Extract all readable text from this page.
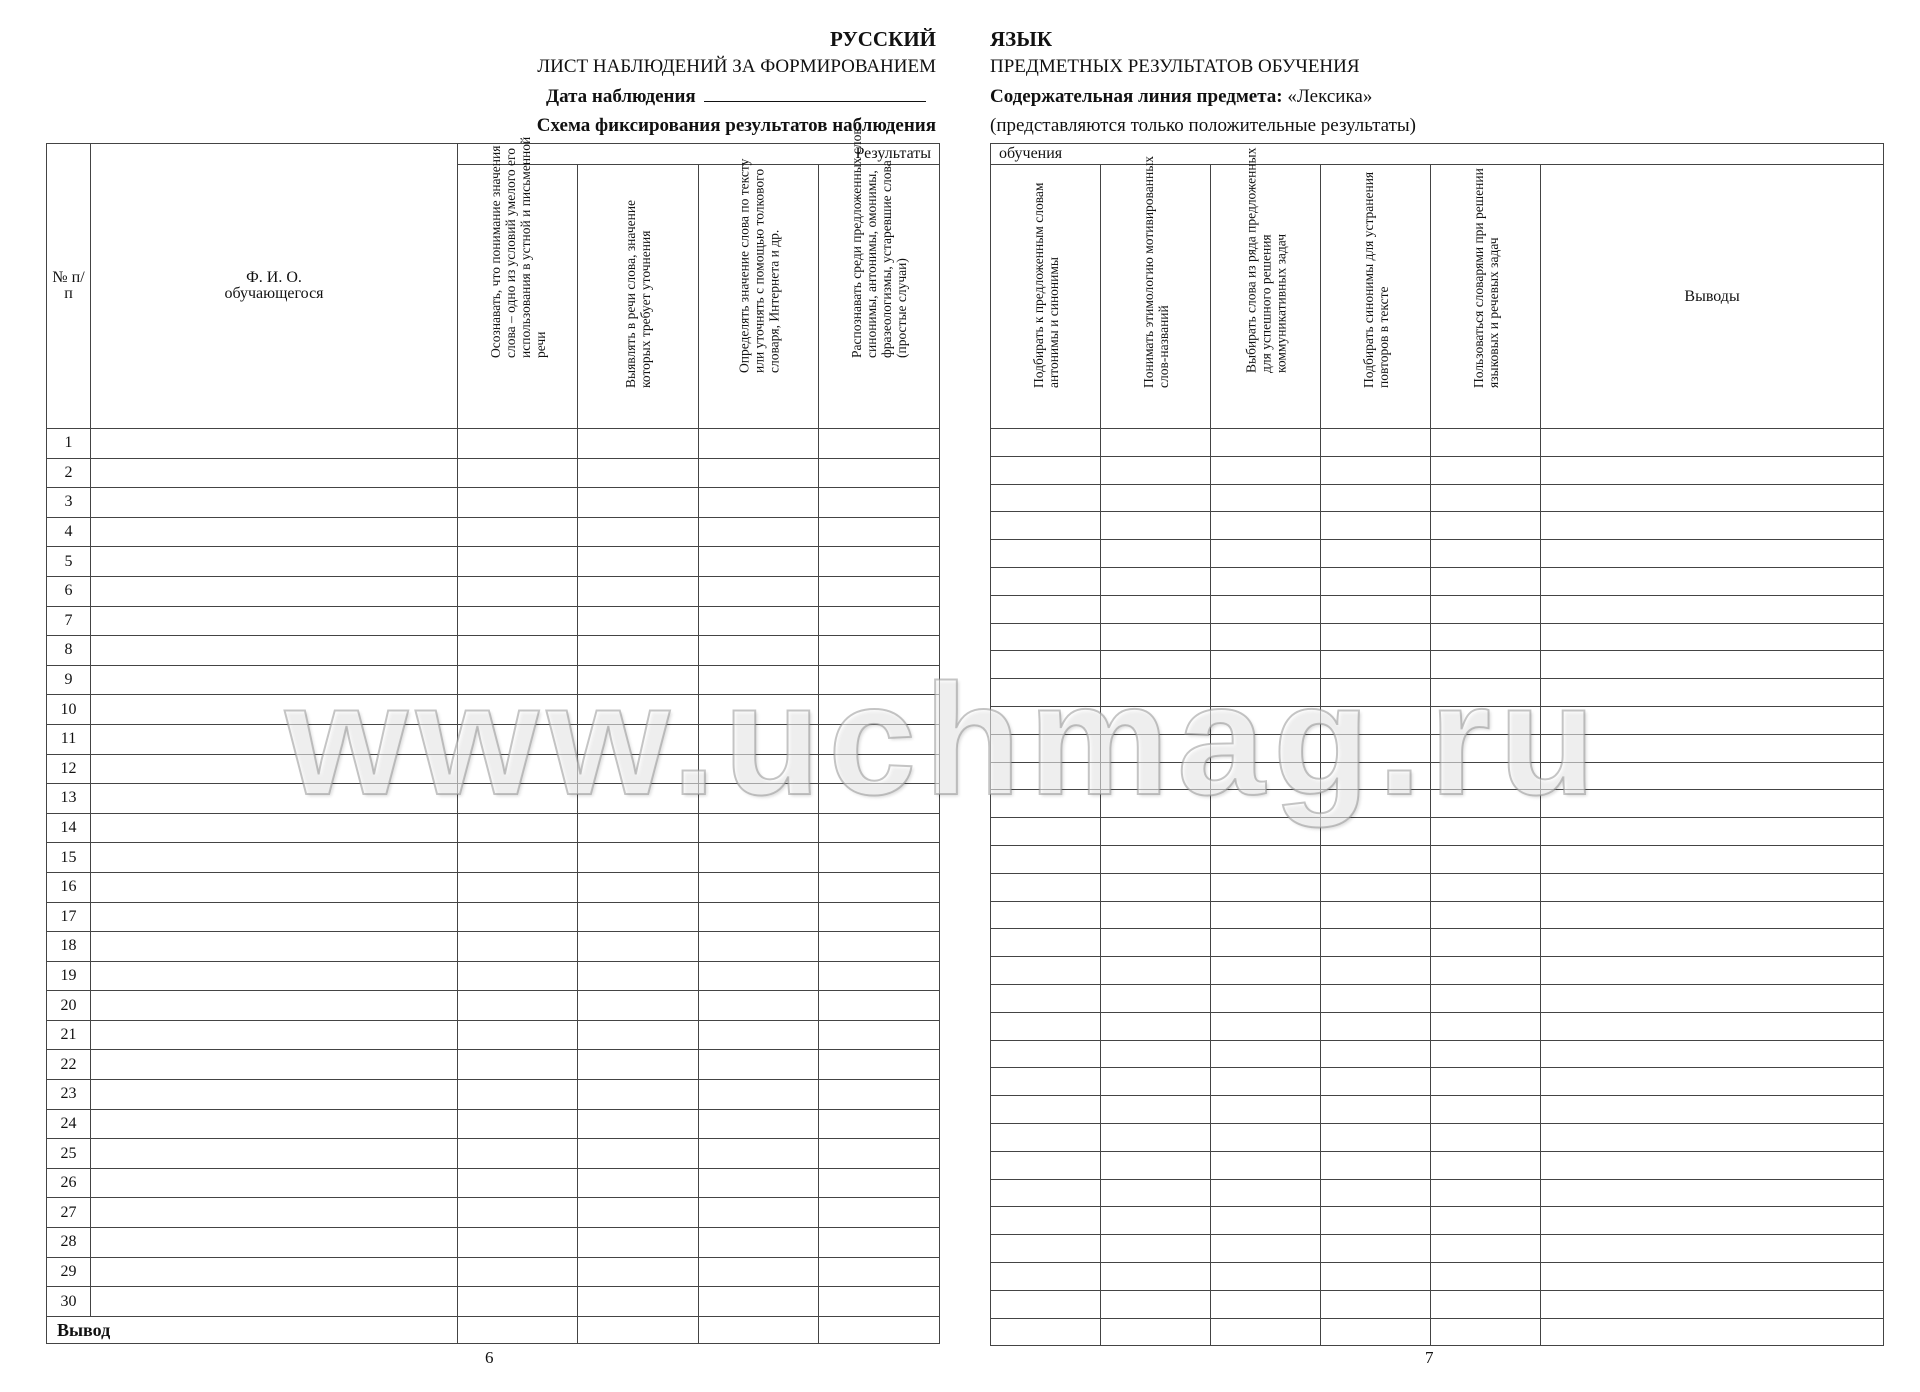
РУССКИЙ	ЯЗЫК
ЛИСТ НАБЛЮДЕНИЙ ЗА ФОРМИРОВАНИЕМ	ПРЕДМЕТНЫХ РЕЗУЛЬТАТОВ ОБУЧЕНИЯ
Дата наблюдения	Содержательная линия предмета: «Лексика»
Схема фиксирования результатов наблюдения	(представляются только положительные результаты)
№ п/п	Ф. И. О. обучающегося	Результаты			

		Осознавать, что понимание значения слова – одно из условий умелого его использования в устной и письменной речи	Выявлять в речи слова, значение которых требует уточнения	Определять значение слова по тексту или уточнять с помощью толкового словаря, Интернета и др.	Распознавать среди предложенных слов синонимы, антонимы, омонимы, фразеологизмы, устаревшие слова (простые случаи)

1					
2					
3					
4					
5					
6					
7					
8					
9					
10					
11					
12					
13					
14					
15					
16					
17					
18					
19					
20					
21					
22					
23					
24					
25					
26					
27					
28					
29					
30					
Вывод					
обучения					

Подбирать к предложенным словам антонимы и синонимы	Понимать этимологию мотивированных слов-названий	Выбирать слова из ряда предложенных для успешного решения коммуникативных задач	Подбирать синонимы для устранения повторов в тексте	Пользоваться словарями при решении языковых и речевых задач	Выводы

6	7
www.uchmag.ru
